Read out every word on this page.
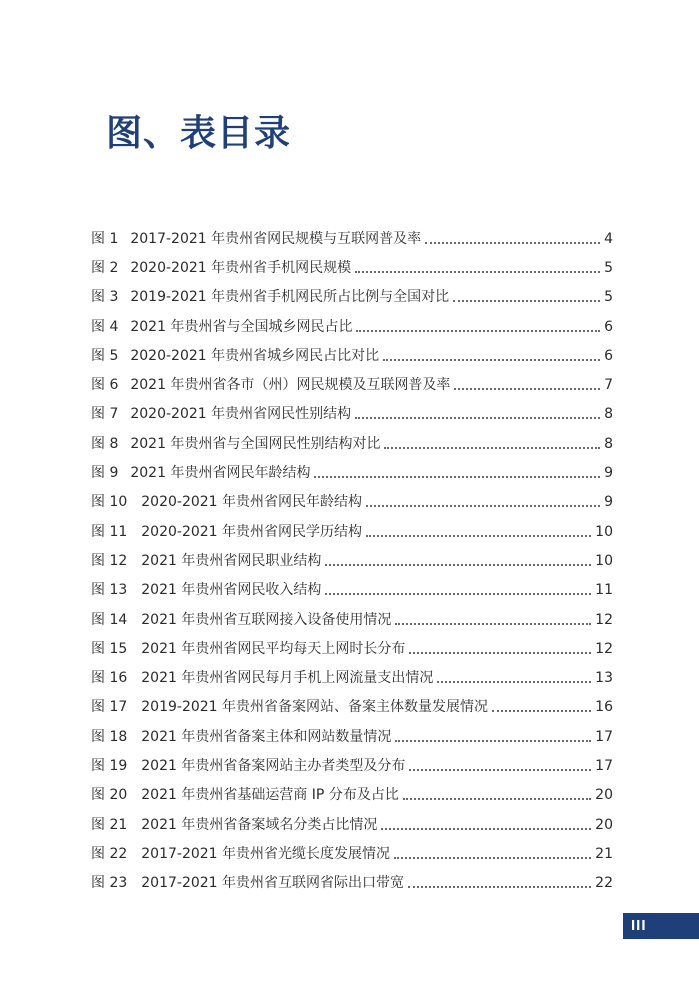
图、表目录
图 1 2017-2021 年贵州省网民规模与互联网普及率	4
图 2 2020-2021 年贵州省手机网民规模	5
图 3 2019-2021 年贵州省手机网民所占比例与全国对比	5
图 4 2021 年贵州省与全国城乡网民占比	6
图 5 2020-2021 年贵州省城乡网民占比对比	6
图 6 2021 年贵州省各市（州）网民规模及互联网普及率	7
图 7 2020-2021 年贵州省网民性别结构	8
图 8 2021 年贵州省与全国网民性别结构对比	8
图 9 2021 年贵州省网民年龄结构	9
图 10 2020-2021 年贵州省网民年龄结构	9
图 11 2020-2021 年贵州省网民学历结构	10
图 12 2021 年贵州省网民职业结构	10
图 13 2021 年贵州省网民收入结构	11
图 14 2021 年贵州省互联网接入设备使用情况	12
图 15 2021 年贵州省网民平均每天上网时长分布	12
图 16 2021 年贵州省网民每月手机上网流量支出情况	13
图 17 2019-2021 年贵州省备案网站、备案主体数量发展情况	16
图 18 2021 年贵州省备案主体和网站数量情况	17
图 19 2021 年贵州省备案网站主办者类型及分布	17
图 20 2021 年贵州省基础运营商 IP 分布及占比	20
图 21 2021 年贵州省备案域名分类占比情况	20
图 22 2017-2021 年贵州省光缆长度发展情况	21
图 23 2017-2021 年贵州省互联网省际出口带宽	22
III
